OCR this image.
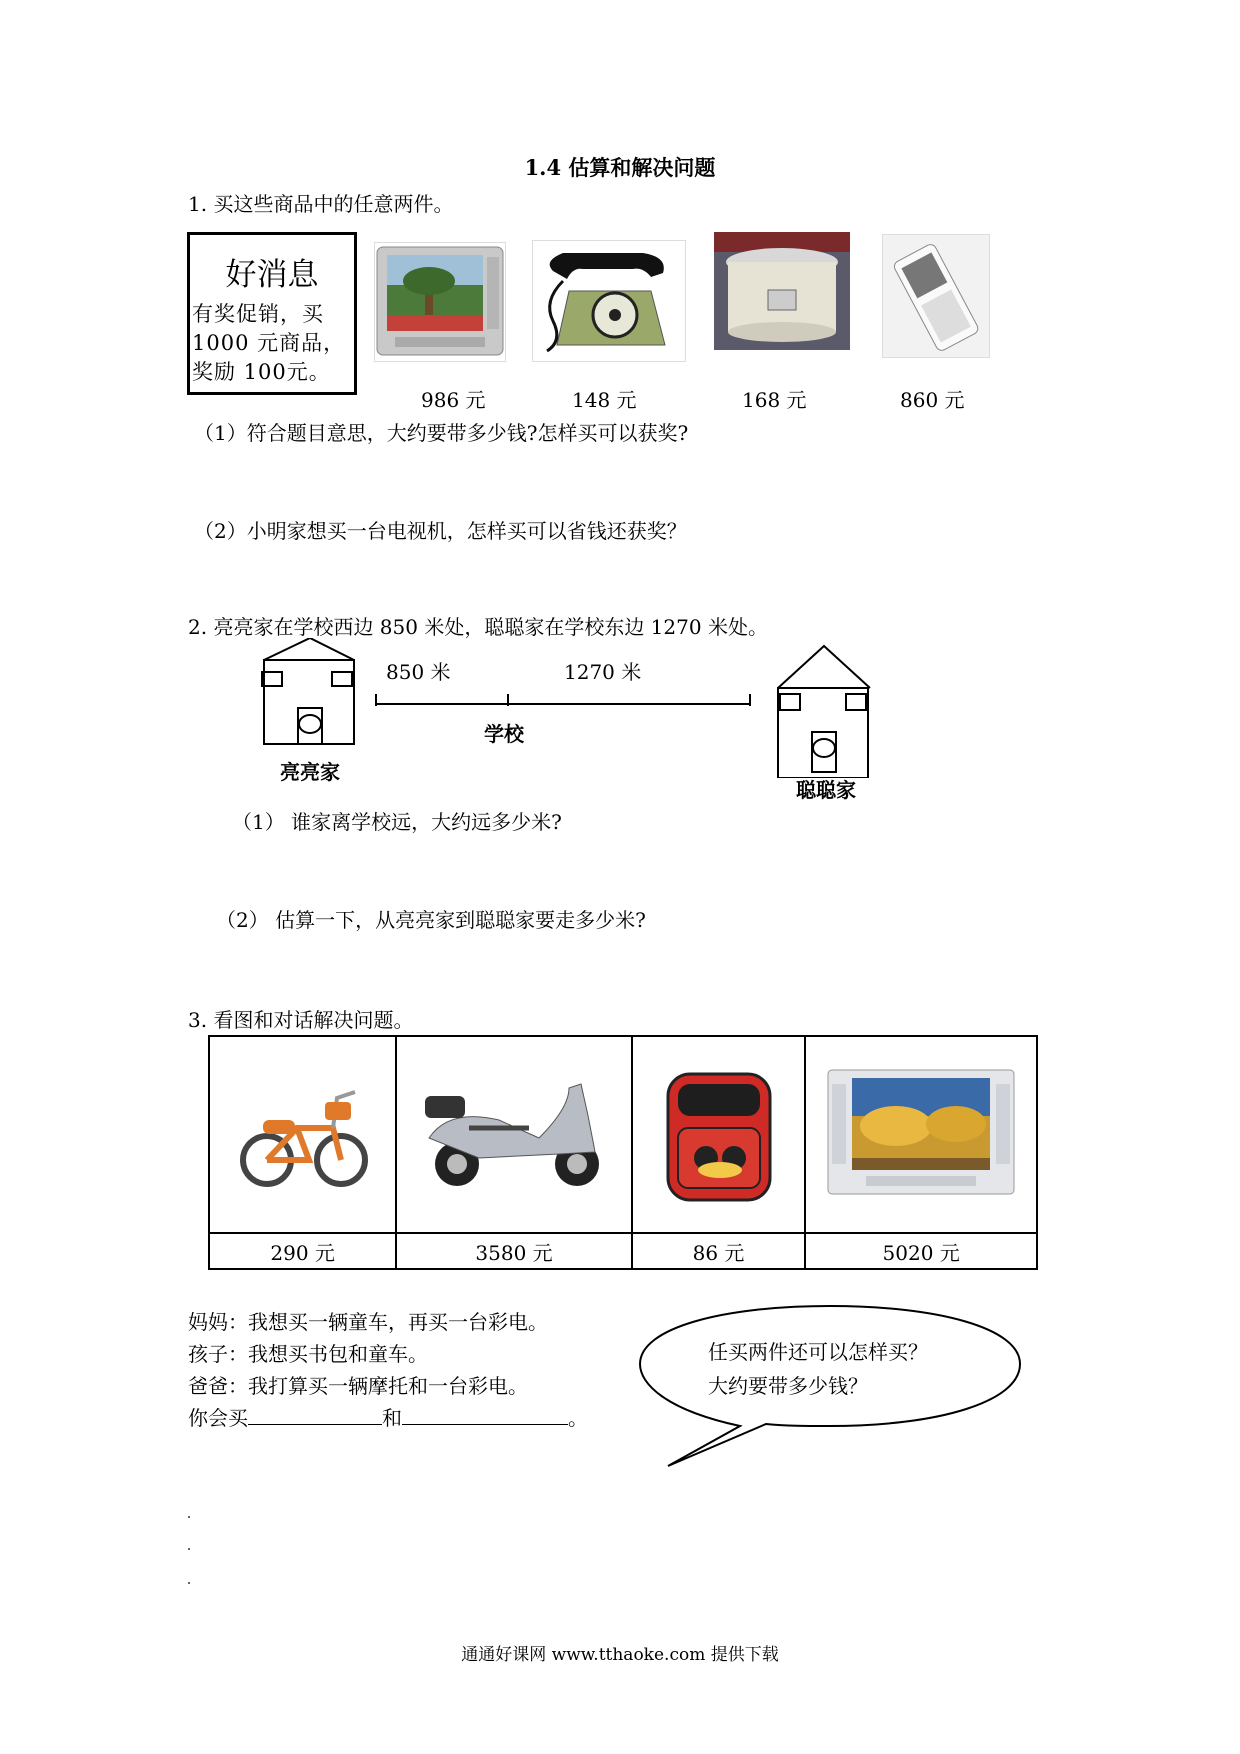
1.4 估算和解决问题
1. 买这些商品中的任意两件。
好消息
有奖促销，买1000 元商品，奖励 100元。
986 元	148 元	168 元	860 元
（1）符合题目意思，大约要带多少钱?怎样买可以获奖?
（2）小明家想买一台电视机，怎样买可以省钱还获奖？
2. 亮亮家在学校西边 850 米处，聪聪家在学校东边 1270 米处。
850 米	1270 米
学校
亮亮家
聪聪家
（1） 谁家离学校远，大约远多少米?
（2） 估算一下，从亮亮家到聪聪家要走多少米?
3. 看图和对话解决问题。

290 元	3580 元	86 元	5020 元
妈妈：我想买一辆童车，再买一台彩电。
孩子：我想买书包和童车。
爸爸：我打算买一辆摩托和一台彩电。
你会买	和	。
任买两件还可以怎样买？
大约要带多少钱？
通通好课网 www.tthaoke.com 提供下载
